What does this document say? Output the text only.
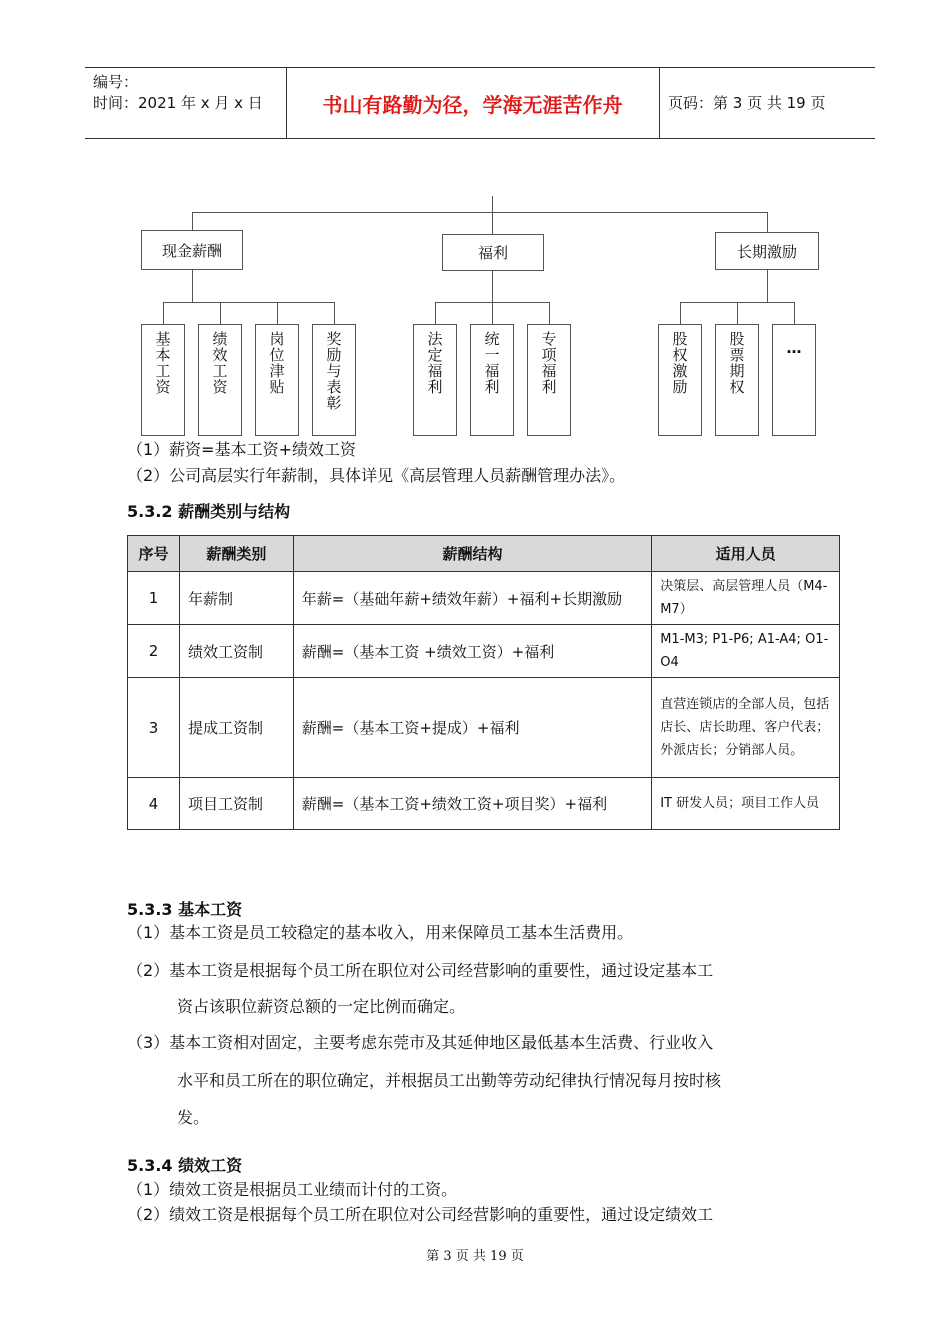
编号：
时间：2021 年 x 月 x 日	书山有路勤为径，学海无涯苦作舟	页码：第 3 页 共 19 页
现金薪酬	福利	长期激励
基本工资	绩效工资	岗位津贴	奖励与表彰	法定福利	统一福利	专项福利	股权激励	股票期权	…
（1）薪资=基本工资+绩效工资
（2）公司高层实行年薪制，具体详见《高层管理人员薪酬管理办法》。
5.3.2 薪酬类别与结构
序号	薪酬类别	薪酬结构	适用人员
1	年薪制	年薪=（基础年薪+绩效年薪）+福利+长期激励	决策层、高层管理人员（M4-M7）
2	绩效工资制	薪酬=（基本工资 +绩效工资）+福利	M1-M3; P1-P6; A1-A4; O1-O4
3	提成工资制	薪酬=（基本工资+提成）+福利	直营连锁店的全部人员，包括店长、店长助理、客户代表；外派店长；分销部人员。
4	项目工资制	薪酬=（基本工资+绩效工资+项目奖）+福利	IT 研发人员；项目工作人员
5.3.3 基本工资
（1）基本工资是员工较稳定的基本收入，用来保障员工基本生活费用。
（2）基本工资是根据每个员工所在职位对公司经营影响的重要性，通过设定基本工
资占该职位薪资总额的一定比例而确定。
（3）基本工资相对固定，主要考虑东莞市及其延伸地区最低基本生活费、行业收入
水平和员工所在的职位确定，并根据员工出勤等劳动纪律执行情况每月按时核
发。
5.3.4 绩效工资
（1）绩效工资是根据员工业绩而计付的工资。
（2）绩效工资是根据每个员工所在职位对公司经营影响的重要性，通过设定绩效工
第 3 页 共 19 页
